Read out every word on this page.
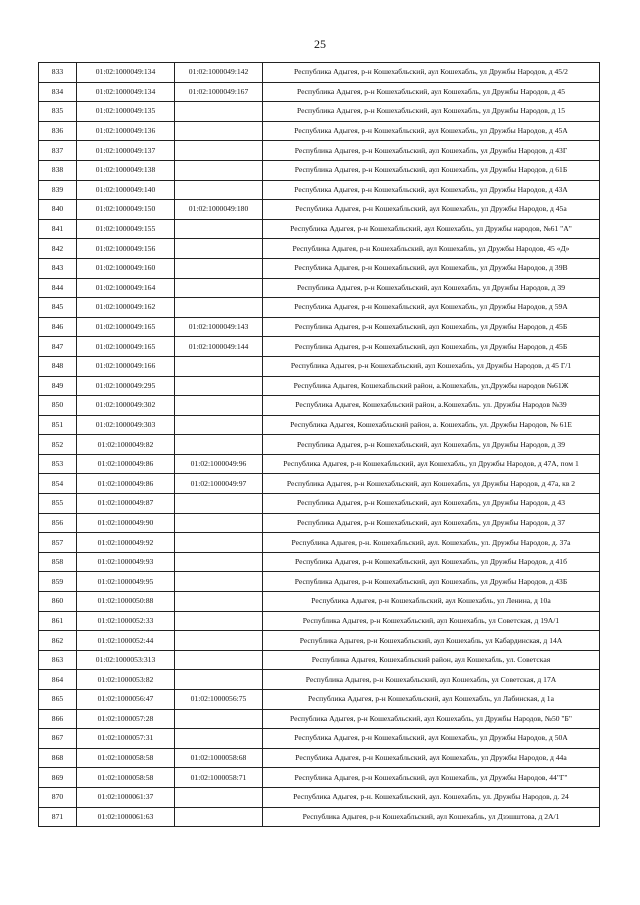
25
833	01:02:1000049:134	01:02:1000049:142	Республика Адыгея, р-н Кошехабльский, аул Кошехабль, ул Дружбы Народов, д 45/2
834	01:02:1000049:134	01:02:1000049:167	Республика Адыгея, р-н Кошехабльский, аул Кошехабль, ул Дружбы Народов, д 45
835	01:02:1000049:135		Республика Адыгея, р-н Кошехабльский, аул Кошехабль, ул Дружбы Народов, д 15
836	01:02:1000049:136		Республика Адыгея, р-н Кошехабльский, аул Кошехабль, ул Дружбы Народов, д 45А
837	01:02:1000049:137		Республика Адыгея, р-н Кошехабльский, аул Кошехабль, ул Дружбы Народов, д 43Г
838	01:02:1000049:138		Республика Адыгея, р-н Кошехабльский, аул Кошехабль, ул Дружбы Народов, д 61Б
839	01:02:1000049:140		Республика Адыгея, р-н Кошехабльский, аул Кошехабль, ул Дружбы Народов, д 43А
840	01:02:1000049:150	01:02:1000049:180	Республика Адыгея, р-н Кошехабльский, аул Кошехабль, ул Дружбы Народов, д 45а
841	01:02:1000049:155		Республика Адыгея, р-н Кошехабльский, аул Кошехабль, ул Дружбы народов, №61 "А"
842	01:02:1000049:156		Республика Адыгея, р-н Кошехабльский, аул Кошехабль, ул Дружбы Народов, 45 «Д»
843	01:02:1000049:160		Республика Адыгея, р-н Кошехабльский, аул Кошехабль, ул Дружбы Народов, д 39В
844	01:02:1000049:164		Республика Адыгея, р-н Кошехабльский, аул Кошехабль, ул Дружбы Народов, д 39
845	01:02:1000049:162		Республика Адыгея, р-н Кошехабльский, аул Кошехабль, ул Дружбы Народов, д 59А
846	01:02:1000049:165	01:02:1000049:143	Республика Адыгея, р-н Кошехабльский, аул Кошехабль, ул Дружбы Народов, д 45Б
847	01:02:1000049:165	01:02:1000049:144	Республика Адыгея, р-н Кошехабльский, аул Кошехабль, ул Дружбы Народов, д 45Б
848	01:02:1000049:166		Республика Адыгея, р-н Кошехабльский, аул Кошехабль, ул Дружбы Народов, д 45 Г/1
849	01:02:1000049:295		Республика Адыгея, Кошехабльский район, а.Кошехабль, ул.Дружбы народов №61Ж
850	01:02:1000049:302		Республика Адыгея, Кошехабльский район, а.Кошехабль. ул. Дружбы Народов №39
851	01:02:1000049:303		Республика Адыгея, Кошехабльский район, а. Кошехабль, ул. Дружбы Народов, № 61Е
852	01:02:1000049:82		Республика Адыгея, р-н Кошехабльский, аул Кошехабль, ул Дружбы Народов, д 39
853	01:02:1000049:86	01:02:1000049:96	Республика Адыгея, р-н Кошехабльский, аул Кошехабль, ул Дружбы Народов, д 47А, пом 1
854	01:02:1000049:86	01:02:1000049:97	Республика Адыгея, р-н Кошехабльский, аул Кошехабль, ул Дружбы Народов, д 47а, кв 2
855	01:02:1000049:87		Республика Адыгея, р-н Кошехабльский, аул Кошехабль, ул Дружбы Народов, д 43
856	01:02:1000049:90		Республика Адыгея, р-н Кошехабльский, аул Кошехабль, ул Дружбы Народов, д 37
857	01:02:1000049:92		Республика Адыгея, р-н. Кошехабльский, аул. Кошехабль, ул. Дружбы Народов, д. 37а
858	01:02:1000049:93		Республика Адыгея, р-н Кошехабльский, аул Кошехабль, ул Дружбы Народов, д 41б
859	01:02:1000049:95		Республика Адыгея, р-н Кошехабльский, аул Кошехабль, ул Дружбы Народов, д 43Б
860	01:02:1000050:88		Республика Адыгея, р-н Кошехабльский, аул Кошехабль, ул Ленина, д 10а
861	01:02:1000052:33		Республика Адыгея, р-н Кошехабльский, аул Кошехабль, ул Советская, д 19А/1
862	01:02:1000052:44		Республика Адыгея, р-н Кошехабльский, аул Кошехабль, ул Кабардинская, д 14А
863	01:02:1000053:313		Республика Адыгея, Кошехабльский район, аул Кошехабль, ул. Советская
864	01:02:1000053:82		Республика Адыгея, р-н Кошехабльский, аул Кошехабль, ул Советская, д 17А
865	01:02:1000056:47	01:02:1000056:75	Республика Адыгея, р-н Кошехабльский, аул Кошехабль, ул Лабинская, д 1а
866	01:02:1000057:28		Республика Адыгея, р-н Кошехабльский, аул Кошехабль, ул Дружбы Народов, №50 "Б"
867	01:02:1000057:31		Республика Адыгея, р-н Кошехабльский, аул Кошехабль, ул Дружбы Народов, д 50А
868	01:02:1000058:58	01:02:1000058:68	Республика Адыгея, р-н Кошехабльский, аул Кошехабль, ул Дружбы Народов, д 44а
869	01:02:1000058:58	01:02:1000058:71	Республика Адыгея, р-н Кошехабльский, аул Кошехабль, ул Дружбы Народов, 44"Г"
870	01:02:1000061:37		Республика Адыгея, р-н. Кошехабльский, аул. Кошехабль, ул. Дружбы Народов, д. 24
871	01:02:1000061:63		Республика Адыгея, р-н Кошехабльский, аул Кошехабль, ул Дзэшштова, д 2А/1
